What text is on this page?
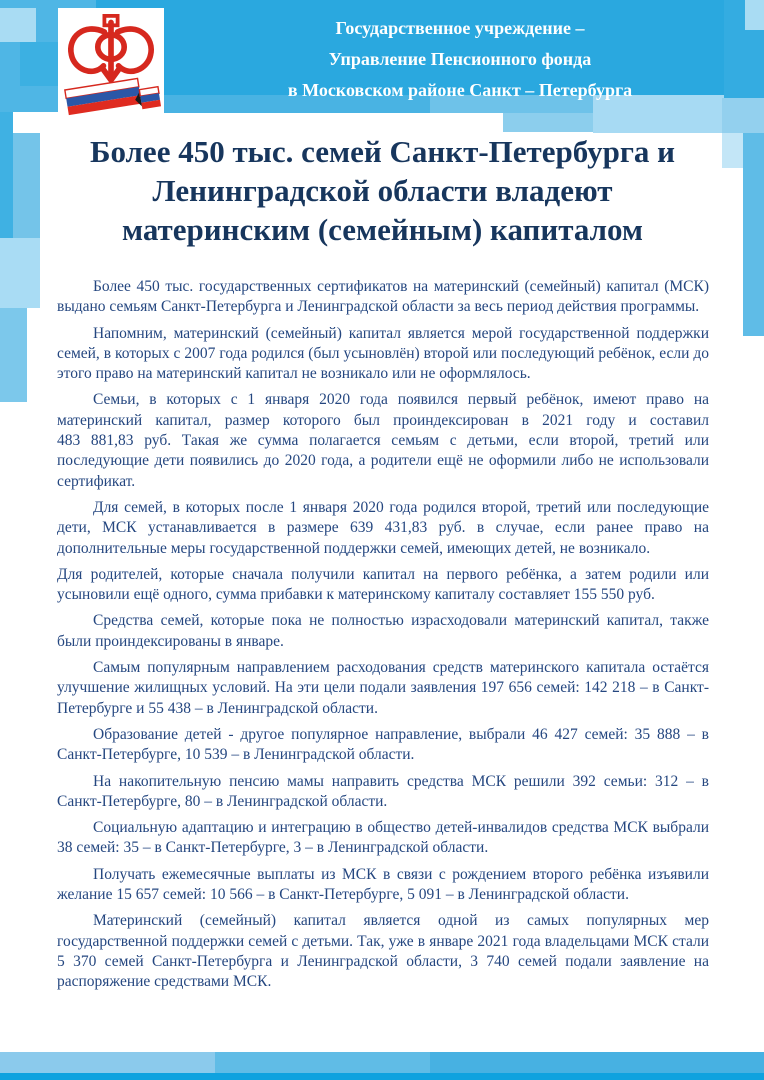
Государственное учреждение –
Управление Пенсионного фонда
в Московском районе Санкт – Петербурга
Более 450 тыс. семей Санкт-Петербурга и
Ленинградской области владеют
материнским (семейным) капиталом

Более 450 тыс. государственных сертификатов на материнский (семейный) капитал (МСК) выдано семьям Санкт-Петербурга и Ленинградской области за весь период действия программы.

Напомним, материнский (семейный) капитал является мерой государственной поддержки семей, в которых с 2007 года родился (был усыновлён) второй или последующий ребёнок, если до этого право на материнский капитал не возникало или не оформлялось.

Семьи, в которых с 1 января 2020 года появился первый ребёнок, имеют право на материнский капитал, размер которого был проиндексирован в 2021 году и составил 483 881,83 руб. Такая же сумма полагается семьям с детьми, если второй, третий или последующие дети появились до 2020 года, а родители ещё не оформили либо не использовали сертификат.

Для семей, в которых после 1 января 2020 года родился второй, третий или последующие дети, МСК устанавливается в размере 639 431,83 руб. в случае, если ранее право на дополнительные меры государственной поддержки семей, имеющих детей, не возникало.

Для родителей, которые сначала получили капитал на первого ребёнка, а затем родили или усыновили ещё одного, сумма прибавки к материнскому капиталу составляет 155 550 руб.

Средства семей, которые пока не полностью израсходовали материнский капитал, также были проиндексированы в январе.

Самым популярным направлением расходования средств материнского капитала остаётся улучшение жилищных условий. На эти цели подали заявления 197 656 семей: 142 218 – в Санкт-Петербурге и 55 438 – в Ленинградской области.

Образование детей - другое популярное направление, выбрали 46 427 семей: 35 888 – в Санкт-Петербурге, 10 539 – в Ленинградской области.

На накопительную пенсию мамы направить средства МСК решили 392 семьи: 312 – в Санкт-Петербурге, 80 – в Ленинградской области.

Социальную адаптацию и интеграцию в общество детей-инвалидов средства МСК выбрали 38 семей: 35 – в Санкт-Петербурге, 3 – в Ленинградской области.

Получать ежемесячные выплаты из МСК в связи с рождением второго ребёнка изъявили желание 15 657 семей: 10 566 – в Санкт-Петербурге, 5 091 – в Ленинградской области.

Материнский (семейный) капитал является одной из самых популярных мер государственной поддержки семей с детьми. Так, уже в январе 2021 года владельцами МСК стали 5 370 семей Санкт-Петербурга и Ленинградской области, 3 740 семей подали заявление на распоряжение средствами МСК.
